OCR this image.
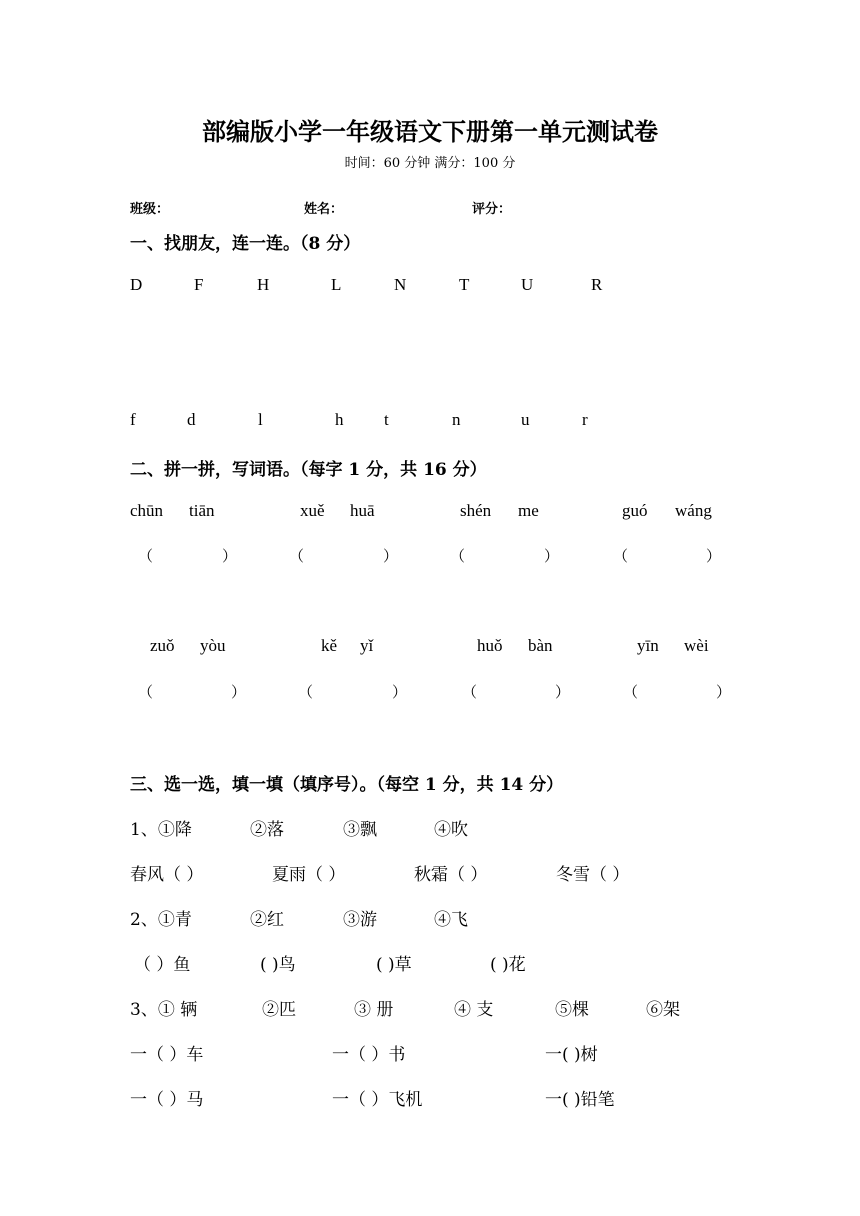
部编版小学一年级语文下册第一单元测试卷
时间：60 分钟 满分：100 分
班级：	姓名：	评分：
一、找朋友，连一连。（8 分）
D	F	H	L	N	T	U	R
f	d	l	h t	n	u	r
二、拼一拼，写词语。（每字 1 分，共 16 分）
chūn tiān	xuě huā	shén me	guó wáng
（	）	（	）	（	）	（	）
zuǒ yòu	kě yǐ	huǒ bàn	yīn wèi
（	）	（	）	（	）	（	）
三、选一选，填一填（填序号）。（每空 1 分，共 14 分）
1、①降	②落	③飘	④吹
春风（ ）	夏雨（ ）	秋霜（ ）	冬雪（ ）
2、①青	②红	③游	④飞
（ ）鱼	( )鸟	( )草	( )花
3、① 辆	②匹	③ 册	④ 支	⑤棵	⑥架
一（ ）车	一（ ）书	一( )树
一（ ）马	一（ ）飞机	一( )铅笔
